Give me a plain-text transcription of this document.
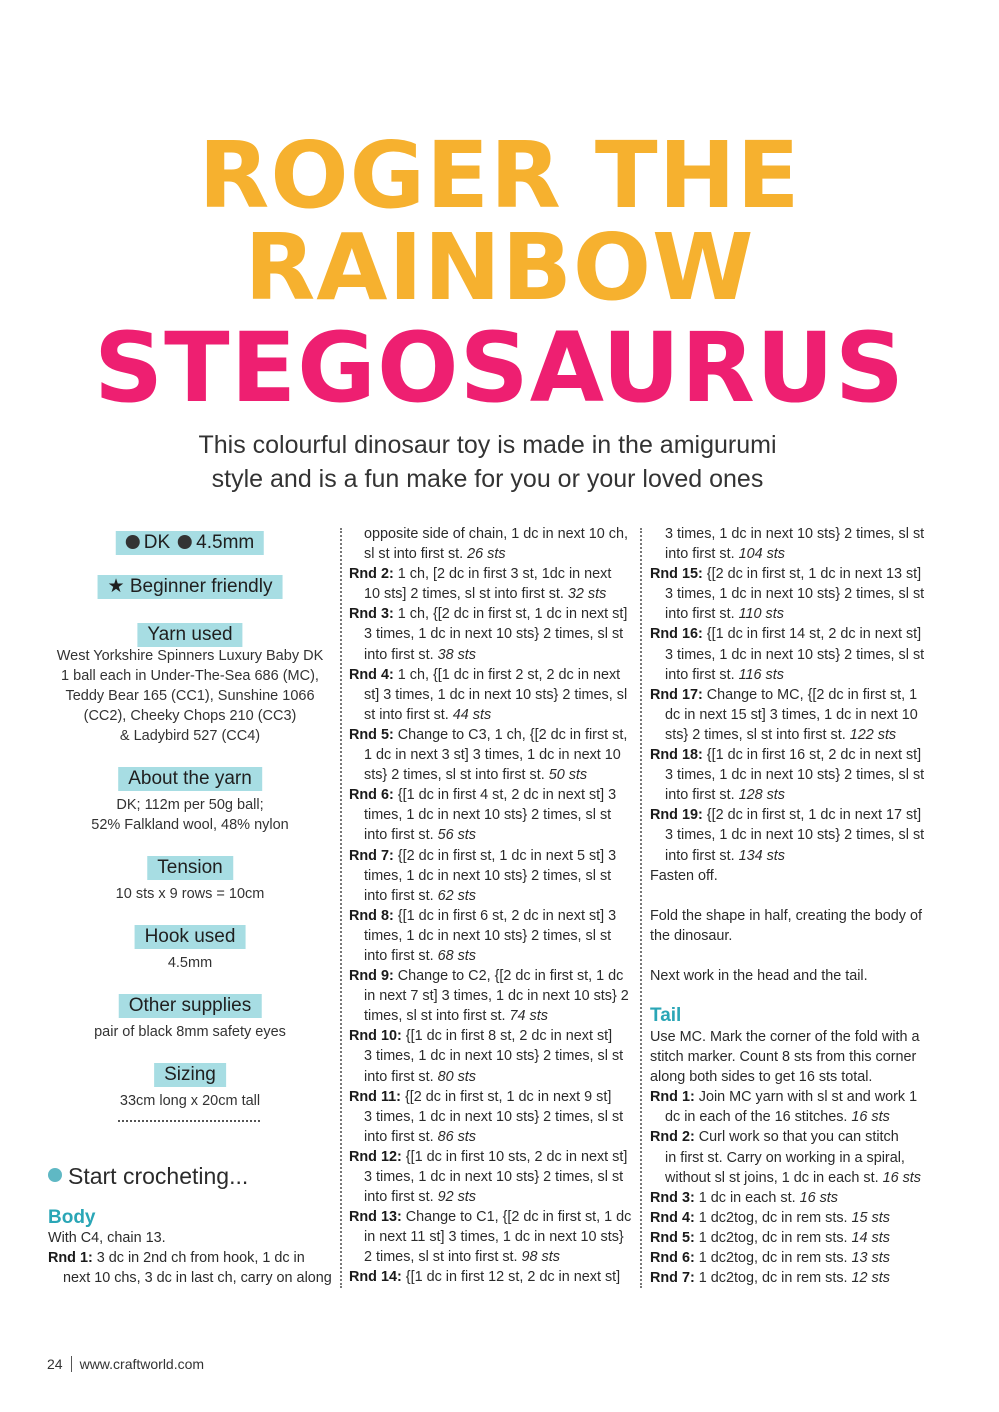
ROGER THE
RAINBOW
STEGOSAURUS
This colourful dinosaur toy is made in the amigurumi
style and is a fun make for you or your loved ones
DK 4.5mm
★ Beginner friendly
Yarn used
West Yorkshire Spinners Luxury Baby DK
1 ball each in Under-The-Sea 686 (MC),
Teddy Bear 165 (CC1), Sunshine 1066
(CC2), Cheeky Chops 210 (CC3)
& Ladybird 527 (CC4)
About the yarn
DK; 112m per 50g ball;
52% Falkland wool, 48% nylon
Tension
10 sts x 9 rows = 10cm
Hook used
4.5mm
Other supplies
pair of black 8mm safety eyes
Sizing
33cm long x 20cm tall
Start crocheting...
Body
With C4, chain 13.
Rnd 1: 3 dc in 2nd ch from hook, 1 dc in
next 10 chs, 3 dc in last ch, carry on along
opposite side of chain, 1 dc in next 10 ch,
sl st into first st. 26 sts
Rnd 2: 1 ch, [2 dc in first 3 st, 1dc in next
10 sts] 2 times, sl st into first st. 32 sts
Rnd 3: 1 ch, {[2 dc in first st, 1 dc in next st]
3 times, 1 dc in next 10 sts} 2 times, sl st
into first st. 38 sts
Rnd 4: 1 ch, {[1 dc in first 2 st, 2 dc in next
st] 3 times, 1 dc in next 10 sts} 2 times, sl
st into first st. 44 sts
Rnd 5: Change to C3, 1 ch, {[2 dc in first st,
1 dc in next 3 st] 3 times, 1 dc in next 10
sts} 2 times, sl st into first st. 50 sts
Rnd 6: {[1 dc in first 4 st, 2 dc in next st] 3
times, 1 dc in next 10 sts} 2 times, sl st
into first st. 56 sts
Rnd 7: {[2 dc in first st, 1 dc in next 5 st] 3
times, 1 dc in next 10 sts} 2 times, sl st
into first st. 62 sts
Rnd 8: {[1 dc in first 6 st, 2 dc in next st] 3
times, 1 dc in next 10 sts} 2 times, sl st
into first st. 68 sts
Rnd 9: Change to C2, {[2 dc in first st, 1 dc
in next 7 st] 3 times, 1 dc in next 10 sts} 2
times, sl st into first st. 74 sts
Rnd 10: {[1 dc in first 8 st, 2 dc in next st]
3 times, 1 dc in next 10 sts} 2 times, sl st
into first st. 80 sts
Rnd 11: {[2 dc in first st, 1 dc in next 9 st]
3 times, 1 dc in next 10 sts} 2 times, sl st
into first st. 86 sts
Rnd 12: {[1 dc in first 10 sts, 2 dc in next st]
3 times, 1 dc in next 10 sts} 2 times, sl st
into first st. 92 sts
Rnd 13: Change to C1, {[2 dc in first st, 1 dc
in next 11 st] 3 times, 1 dc in next 10 sts}
2 times, sl st into first st. 98 sts
Rnd 14: {[1 dc in first 12 st, 2 dc in next st]
3 times, 1 dc in next 10 sts} 2 times, sl st
into first st. 104 sts
Rnd 15: {[2 dc in first st, 1 dc in next 13 st]
3 times, 1 dc in next 10 sts} 2 times, sl st
into first st. 110 sts
Rnd 16: {[1 dc in first 14 st, 2 dc in next st]
3 times, 1 dc in next 10 sts} 2 times, sl st
into first st. 116 sts
Rnd 17: Change to MC, {[2 dc in first st, 1
dc in next 15 st] 3 times, 1 dc in next 10
sts} 2 times, sl st into first st. 122 sts
Rnd 18: {[1 dc in first 16 st, 2 dc in next st]
3 times, 1 dc in next 10 sts} 2 times, sl st
into first st. 128 sts
Rnd 19: {[2 dc in first st, 1 dc in next 17 st]
3 times, 1 dc in next 10 sts} 2 times, sl st
into first st. 134 sts
Fasten off.
Fold the shape in half, creating the body of
the dinosaur.
Next work in the head and the tail.
Tail
Use MC. Mark the corner of the fold with a
stitch marker. Count 8 sts from this corner
along both sides to get 16 sts total.
Rnd 1: Join MC yarn with sl st and work 1
dc in each of the 16 stitches. 16 sts
Rnd 2: Curl work so that you can stitch
in first st. Carry on working in a spiral,
without sl st joins, 1 dc in each st. 16 sts
Rnd 3: 1 dc in each st. 16 sts
Rnd 4: 1 dc2tog, dc in rem sts. 15 sts
Rnd 5: 1 dc2tog, dc in rem sts. 14 sts
Rnd 6: 1 dc2tog, dc in rem sts. 13 sts
Rnd 7: 1 dc2tog, dc in rem sts. 12 sts
24 www.craftworld.com
